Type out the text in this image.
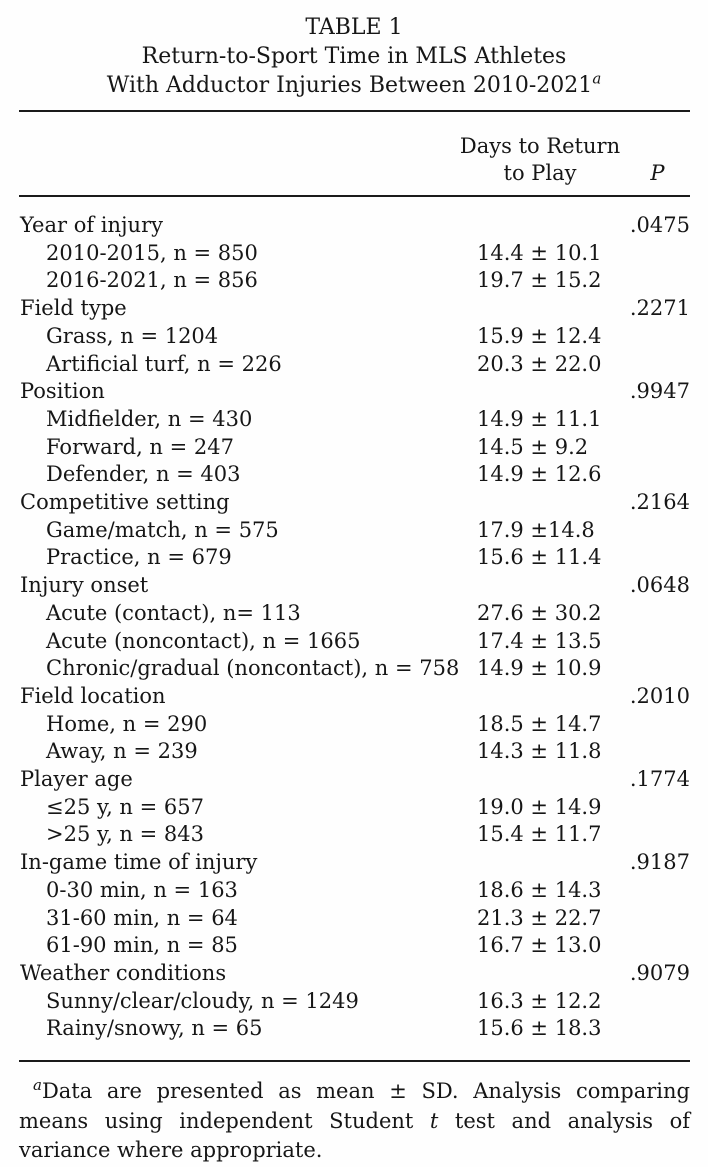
TABLE 1
Return-to-Sport Time in MLS Athletes
With Adductor Injuries Between 2010-2021$^a$
Days to Return
to Play	P
Year of injury	.0475
2010-2015, n = 850	14.4 ± 10.1
2016-2021, n = 856	19.7 ± 15.2
Field type	.2271
Grass, n = 1204	15.9 ± 12.4
Artificial turf, n = 226	20.3 ± 22.0
Position	.9947
Midfielder, n = 430	14.9 ± 11.1
Forward, n = 247	14.5 ± 9.2
Defender, n = 403	14.9 ± 12.6
Competitive setting	.2164
Game/match, n = 575	17.9 ±14.8
Practice, n = 679	15.6 ± 11.4
Injury onset	.0648
Acute (contact), n= 113	27.6 ± 30.2
Acute (noncontact), n = 1665	17.4 ± 13.5
Chronic/gradual (noncontact), n = 758 14.9 ± 10.9
Field location	.2010
Home, n = 290	18.5 ± 14.7
Away, n = 239	14.3 ± 11.8
Player age	.1774
≤25 y, n = 657	19.0 ± 14.9
>25 y, n = 843	15.4 ± 11.7
In-game time of injury	.9187
0-30 min, n = 163	18.6 ± 14.3
31-60 min, n = 64	21.3 ± 22.7
61-90 min, n = 85	16.7 ± 13.0
Weather conditions	.9079
Sunny/clear/cloudy, n = 1249	16.3 ± 12.2
Rainy/snowy, n = 65	15.6 ± 18.3
$^a$Data are presented as mean ± SD. Analysis comparing means using independent Student t test and analysis of variance where appropriate.
